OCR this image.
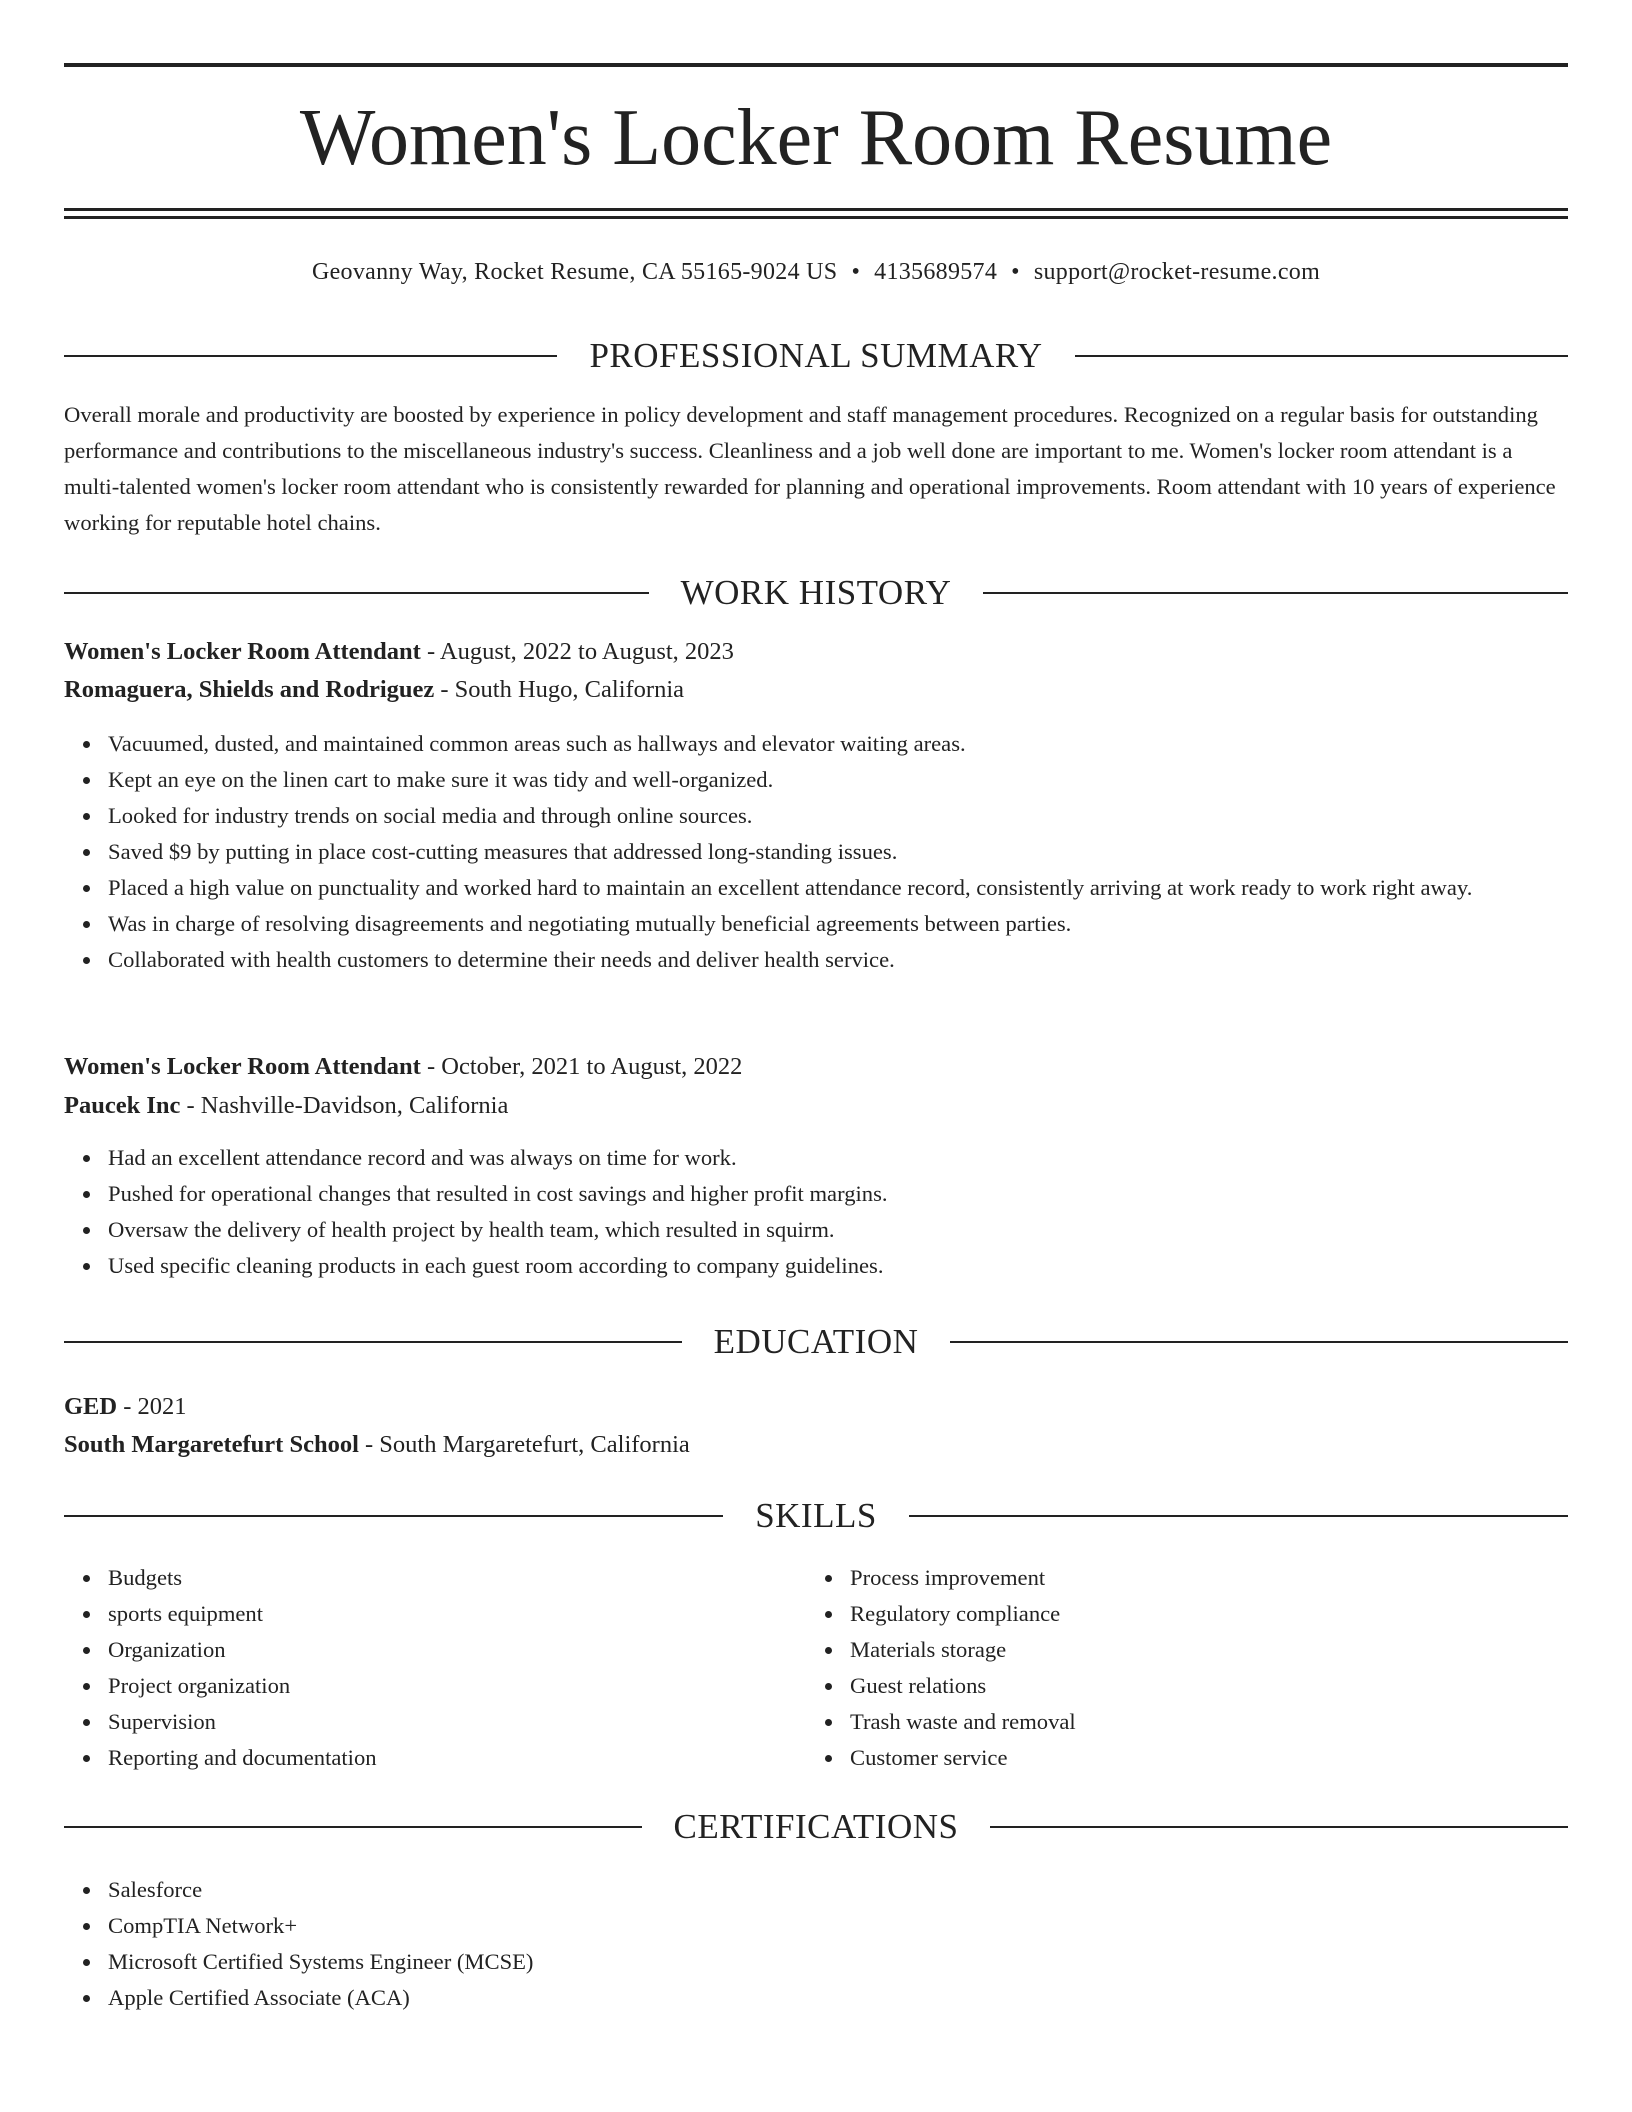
Women's Locker Room Resume
Geovanny Way, Rocket Resume, CA 55165-9024 US • 4135689574 • support@rocket-resume.com
PROFESSIONAL SUMMARY
Overall morale and productivity are boosted by experience in policy development and staff management procedures. Recognized on a regular basis for outstanding performance and contributions to the miscellaneous industry's success. Cleanliness and a job well done are important to me. Women's locker room attendant is a multi-talented women's locker room attendant who is consistently rewarded for planning and operational improvements. Room attendant with 10 years of experience working for reputable hotel chains.
WORK HISTORY
Women's Locker Room Attendant - August, 2022 to August, 2023
Romaguera, Shields and Rodriguez - South Hugo, California
Vacuumed, dusted, and maintained common areas such as hallways and elevator waiting areas.
Kept an eye on the linen cart to make sure it was tidy and well-organized.
Looked for industry trends on social media and through online sources.
Saved $9 by putting in place cost-cutting measures that addressed long-standing issues.
Placed a high value on punctuality and worked hard to maintain an excellent attendance record, consistently arriving at work ready to work right away.
Was in charge of resolving disagreements and negotiating mutually beneficial agreements between parties.
Collaborated with health customers to determine their needs and deliver health service.
Women's Locker Room Attendant - October, 2021 to August, 2022
Paucek Inc - Nashville-Davidson, California
Had an excellent attendance record and was always on time for work.
Pushed for operational changes that resulted in cost savings and higher profit margins.
Oversaw the delivery of health project by health team, which resulted in squirm.
Used specific cleaning products in each guest room according to company guidelines.
EDUCATION
GED - 2021
South Margaretefurt School - South Margaretefurt, California
SKILLS
Budgets
sports equipment
Organization
Project organization
Supervision
Reporting and documentation
Process improvement
Regulatory compliance
Materials storage
Guest relations
Trash waste and removal
Customer service
CERTIFICATIONS
Salesforce
CompTIA Network+
Microsoft Certified Systems Engineer (MCSE)
Apple Certified Associate (ACA)
